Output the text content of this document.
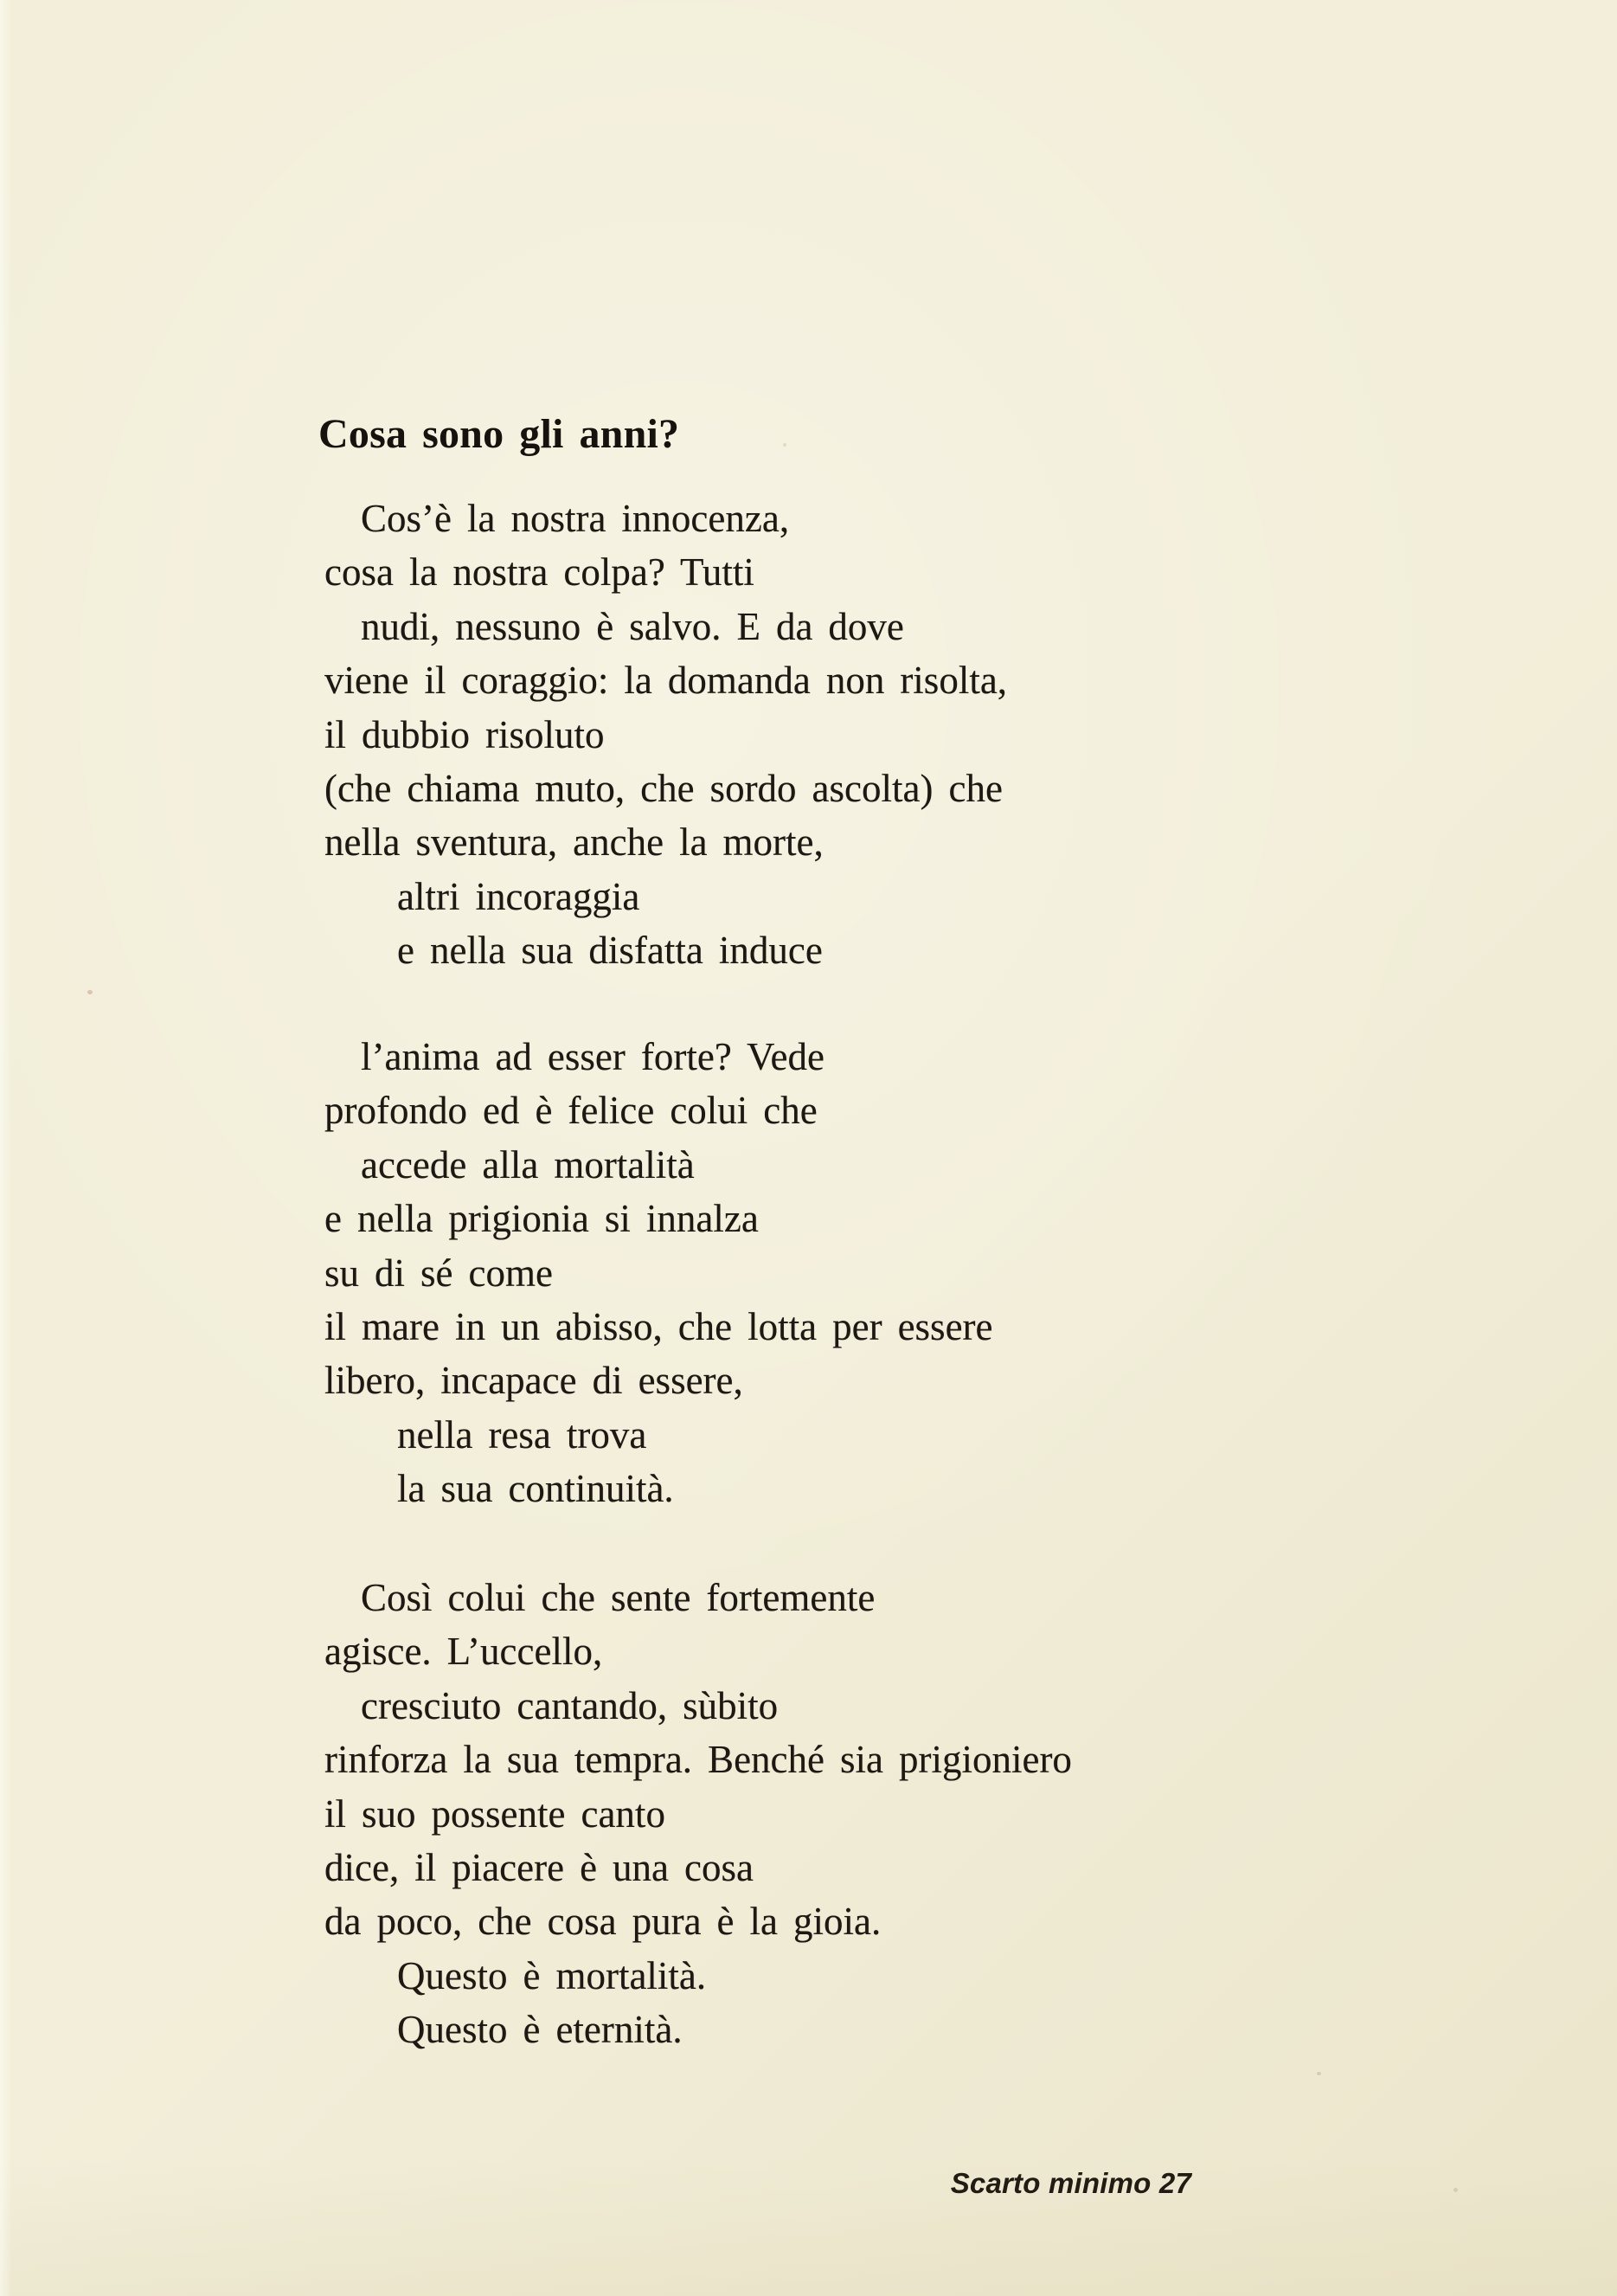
Cosa sono gli anni?
Cos’è la nostra innocenza,
cosa la nostra colpa? Tutti
nudi, nessuno è salvo. E da dove
viene il coraggio: la domanda non risolta,
il dubbio risoluto
(che chiama muto, che sordo ascolta) che
nella sventura, anche la morte,
altri incoraggia
e nella sua disfatta induce
l’anima ad esser forte? Vede
profondo ed è felice colui che
accede alla mortalità
e nella prigionia si innalza
su di sé come
il mare in un abisso, che lotta per essere
libero, incapace di essere,
nella resa trova
la sua continuità.
Così colui che sente fortemente
agisce. L’uccello,
cresciuto cantando, sùbito
rinforza la sua tempra. Benché sia prigioniero
il suo possente canto
dice, il piacere è una cosa
da poco, che cosa pura è la gioia.
Questo è mortalità.
Questo è eternità.
Scarto minimo 27
